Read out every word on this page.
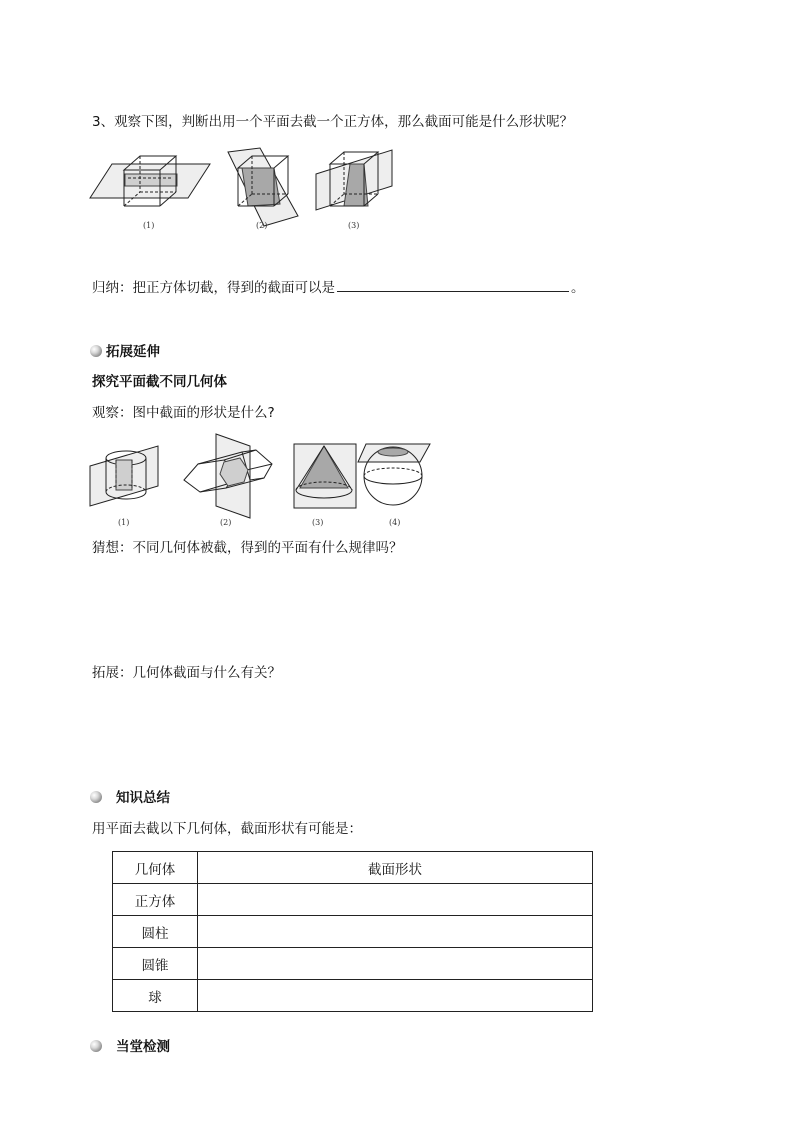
3、观察下图，判断出用一个平面去截一个正方体，那么截面可能是什么形状呢？
(1)	(2)	(3)
归纳：把正方体切截，得到的截面可以是	。
拓展延伸
探究平面截不同几何体
观察：图中截面的形状是什么?
(1)	(2)	(3)	(4)
猜想：不同几何体被截，得到的平面有什么规律吗？
拓展：几何体截面与什么有关？
知识总结
用平面去截以下几何体，截面形状有可能是：
几何体	截面形状
正方体	
圆柱	
圆锥	
球	
当堂检测
